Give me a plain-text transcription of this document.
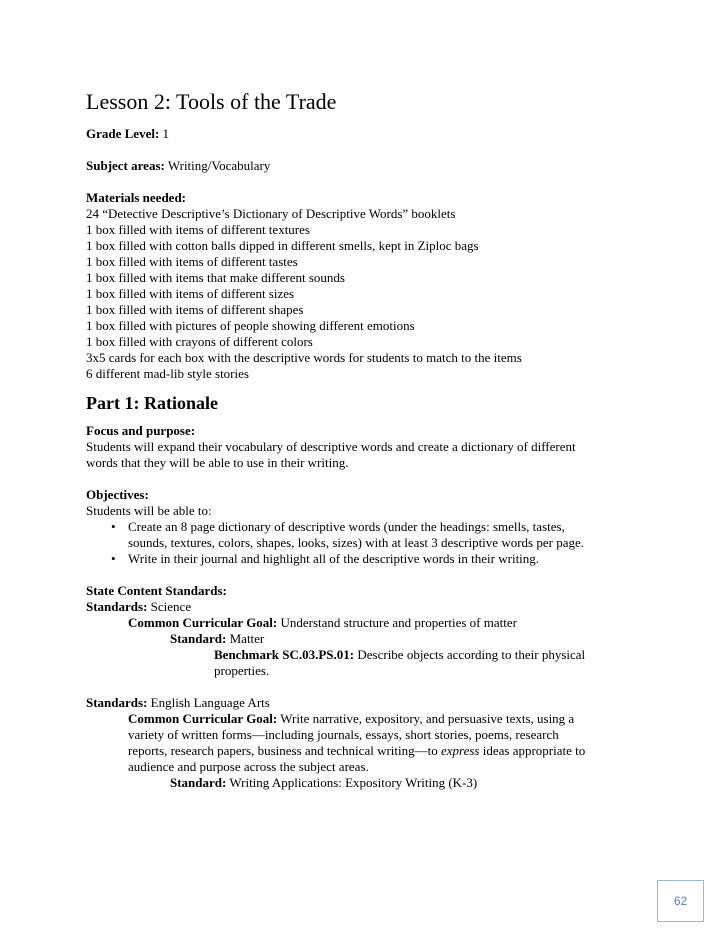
Lesson 2: Tools of the Trade
Grade Level: 1
Subject areas: Writing/Vocabulary
Materials needed:
24 “Detective Descriptive’s Dictionary of Descriptive Words” booklets
1 box filled with items of different textures
1 box filled with cotton balls dipped in different smells, kept in Ziploc bags
1 box filled with items of different tastes
1 box filled with items that make different sounds
1 box filled with items of different sizes
1 box filled with items of different shapes
1 box filled with pictures of people showing different emotions
1 box filled with crayons of different colors
3x5 cards for each box with the descriptive words for students to match to the items
6 different mad-lib style stories
Part 1: Rationale
Focus and purpose:
Students will expand their vocabulary of descriptive words and create a dictionary of different
words that they will be able to use in their writing.
Objectives:
Students will be able to:
• Create an 8 page dictionary of descriptive words (under the headings: smells, tastes,
sounds, textures, colors, shapes, looks, sizes) with at least 3 descriptive words per page.
• Write in their journal and highlight all of the descriptive words in their writing.
State Content Standards:
Standards: Science
Common Curricular Goal: Understand structure and properties of matter
Standard: Matter
Benchmark SC.03.PS.01: Describe objects according to their physical
properties.
Standards: English Language Arts
Common Curricular Goal: Write narrative, expository, and persuasive texts, using a
variety of written forms—including journals, essays, short stories, poems, research
reports, research papers, business and technical writing—to express ideas appropriate to
audience and purpose across the subject areas.
Standard: Writing Applications: Expository Writing (K-3)
62
